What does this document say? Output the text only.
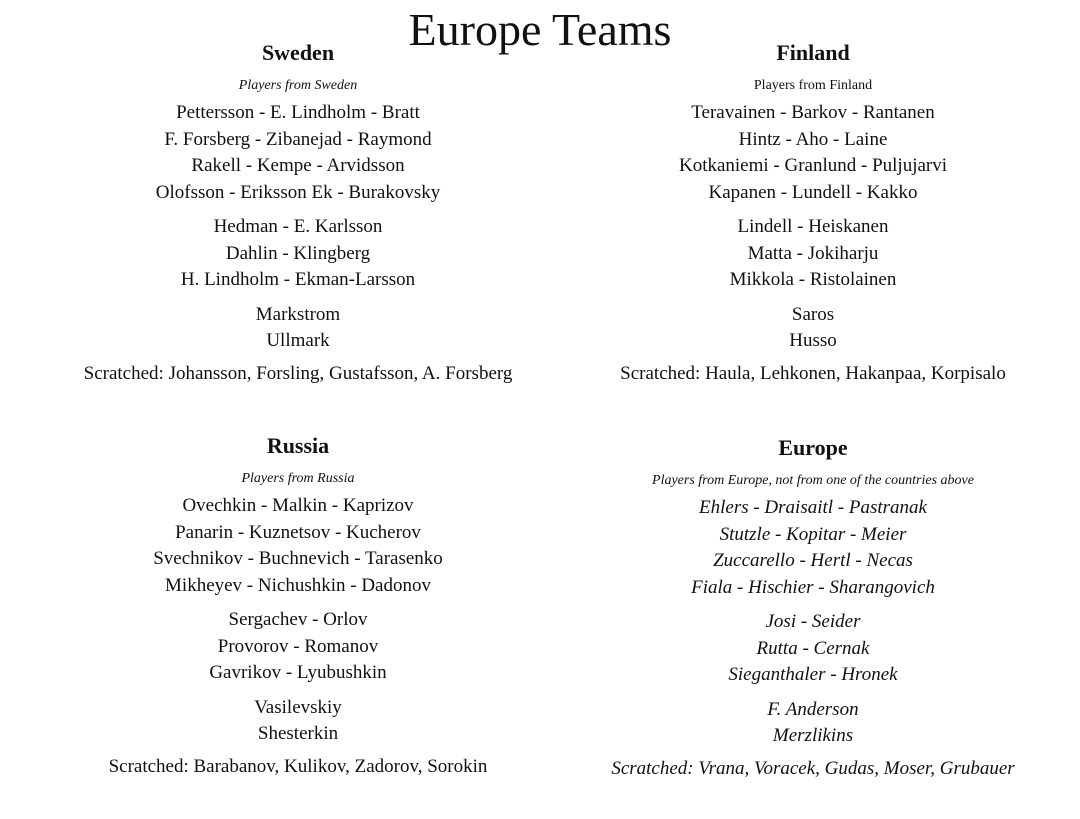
Europe Teams
Sweden
Players from Sweden
Pettersson - E. Lindholm - Bratt
F. Forsberg - Zibanejad - Raymond
Rakell - Kempe - Arvidsson
Olofsson - Eriksson Ek - Burakovsky
Hedman - E. Karlsson
Dahlin - Klingberg
H. Lindholm - Ekman-Larsson
Markstrom
Ullmark
Scratched: Johansson, Forsling, Gustafsson, A. Forsberg
Finland
Players from Finland
Teravainen - Barkov - Rantanen
Hintz - Aho - Laine
Kotkaniemi - Granlund - Puljujarvi
Kapanen - Lundell - Kakko
Lindell - Heiskanen
Matta - Jokiharju
Mikkola - Ristolainen
Saros
Husso
Scratched: Haula, Lehkonen, Hakanpaa, Korpisalo
Russia
Players from Russia
Ovechkin - Malkin - Kaprizov
Panarin - Kuznetsov - Kucherov
Svechnikov - Buchnevich - Tarasenko
Mikheyev - Nichushkin - Dadonov
Sergachev - Orlov
Provorov - Romanov
Gavrikov - Lyubushkin
Vasilevskiy
Shesterkin
Scratched: Barabanov, Kulikov, Zadorov, Sorokin
Europe
Players from Europe, not from one of the countries above
Ehlers - Draisaitl - Pastranak
Stutzle - Kopitar - Meier
Zuccarello - Hertl - Necas
Fiala - Hischier - Sharangovich
Josi - Seider
Rutta - Cernak
Sieganthaler - Hronek
F. Anderson
Merzlikins
Scratched: Vrana, Voracek, Gudas, Moser, Grubauer
